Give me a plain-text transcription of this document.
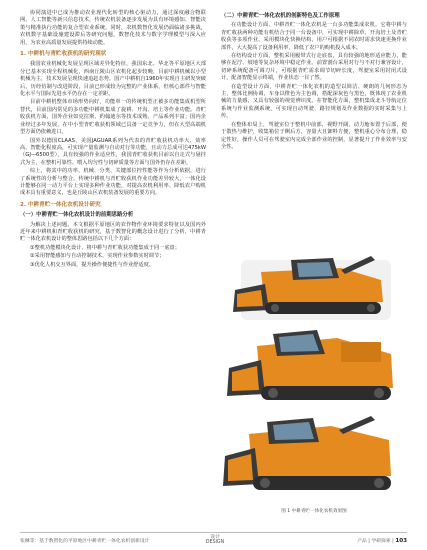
协同演进中已成为推动农业现代化转型的核心驱动力，通过深度融合物联网、人工智能等新兴信息技术，传统农机装备逐步发展为具有环境感知、智能决策与精准执行功能的复合型农业系统。同时，农机数智化发展仍面临诸多挑战，农机数字基础设施建设滞后等研究问题，数智化技术与数字学理模型与深入应用，为农业高质量发展提供持续动能。

1. 中耕机与青贮收获机的研究现状

我国农业机械化发展呈现区域差异化特征，我国东北、华北等平原地区大部分已基本实现全程机械化，西南丘陵山区农机化起步较晚，目前中耕机械以小型机械为主，技术发展呈现快速追赶态势。国产中耕机自1960年实现自主研发突破后，历经仿制与改进阶段，目前已形成较为完整的产业体系，但核心部件与智能化水平与国际先进水平仍存在一定差距。

目前中耕机整体市场形势向好，功能单一的传统机型正被多功能集成机型所替代，目前国内常见的多功能中耕机集成了旋耕、开沟、培土等作业功能。青贮收获机方面，国外企业如克拉斯、约翰迪尔等技术成熟，产品系列丰富；国内企业经过多年发展，在中小型青贮收获机领域已具备一定竞争力，但在大型高端机型方面仍依赖进口。

国外以德国CLAAS、美国JAGUAR系列为代表的青贮收获机功率大、效率高、智能化程度高，可实现产量监测与自动对行等功能，且动力总成可达475kW（GJ—6500型），具有较强的作业适应性，我国青贮收获机目前以自走式与悬挂式为主，在整机可靠性、喂入均匀性与切碎质量等方面与国外仍存在差距。

综上，将其中的功率、机械、分类、关键部位控性能等作为分析依据，进行了系统性的分析与整合。传统中耕机与青贮收获机作业功能差异较大，一体化设计能够在同一动力平台上实现多种作业功能，对提高农机利用率、降低农户购机成本具有重要意义，也是丘陵山区农机装备发展的重要方向。

2. 中耕青贮一体化农机设计研究
（一）中耕青贮一体化农机设计的前期思路分析

为解决上述问题，本文根据平原地区的农作物作业环境要求特征以及国内外近年来中耕机和青贮收获机的研究，基于数智化的概念设计进行了分析，中耕青贮一体化农机设计的整体思路包括以下几个方面：

①整机功能模块化设计，将中耕与青贮收获功能集成于同一底盘；

②采用智能感知与自动控制技术，实现作业参数实时调节；

③优化人机交互界面，提升操作便捷性与作业舒适度。

（二）中耕青贮一体化农机的创新特色及工作原理

在功能设计方面，中耕青贮一体化农机是一台多功能集成农机，它将中耕与青贮收获两种功能有机结合于同一台设备中，可实现中耕除草、开沟培土及青贮收获等多项作业。采用模块化快换结构，用户可根据不同农时需求快速更换作业部件，大大提高了设备利用率，降低了农户的购机投入成本。

在结构设计方面，整机采用履带式行走底盘，具有较强的地形适应能力，能够在泥泞、坡地等复杂环境中稳定作业。前置割台采用对行与不对行兼容设计，切碎系统配备可调刀片，可根据青贮需求调节切碎长度，驾驶室采用封闭式设计，配备智能显示终端，作业状态一目了然。

在造型设计方面，中耕青贮一体化农机的造型以简洁、硬朗的几何形态为主，整体比例协调，车身以橙色为主色调，搭配深灰色与黑色，既体现了农业机械的力量感，又具有较强的视觉辨识度。在智能化方面，整机集成北斗导航定位系统与作业监测系统，可实现自动驾驶、路径规划及作业数据的实时采集与上传。

在整体布局上，驾驶室位于整机中前部，视野开阔，动力舱布置于后部，便于散热与维护，收集箱位于侧后方，容量大且卸料方便，整机重心分布合理，稳定性好，操作人员可在驾驶室内完成全部作业的控制，显著提升了作业效率与安全性。

图 1 中耕青贮一体化农机效果图
张琳等：基于数智化的平原地区中耕青贮一体化农机创新设计
设计
DESIGN	产品 | 学研探索 | 103
